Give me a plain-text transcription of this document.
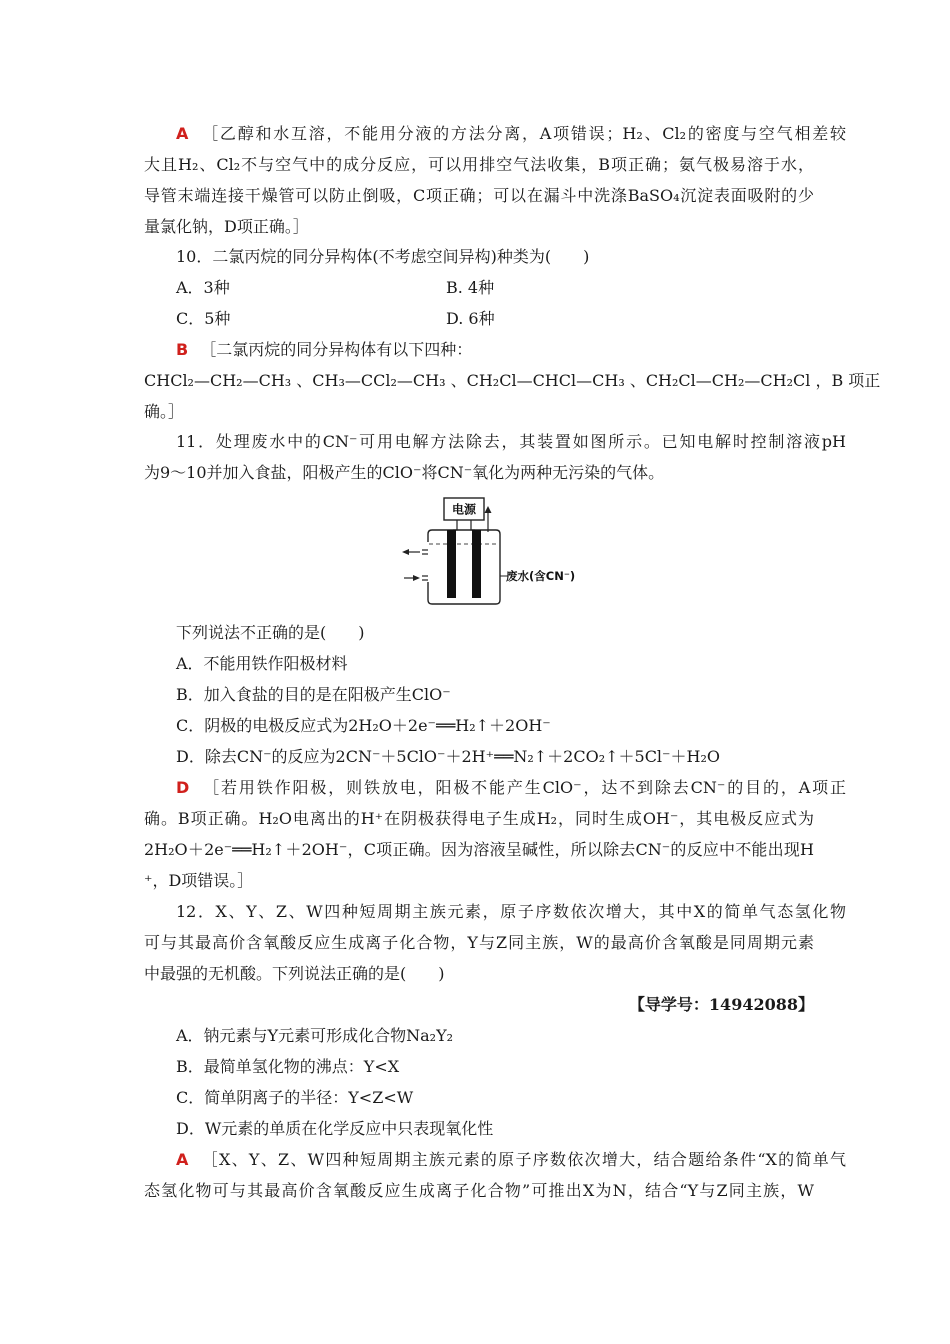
A ［乙醇和水互溶，不能用分液的方法分离，A项错误；H₂、Cl₂的密度与空气相差较
大且H₂、Cl₂不与空气中的成分反应，可以用排空气法收集，B项正确；氨气极易溶于水，
导管末端连接干燥管可以防止倒吸，C项正确；可以在漏斗中洗涤BaSO₄沉淀表面吸附的少
量氯化钠，D项正确。］
10．二氯丙烷的同分异构体(不考虑空间异构)种类为(　　)
A．3种	B. 4种
C．5种	D. 6种
B ［二氯丙烷的同分异构体有以下四种：
CHCl₂—CH₂—CH₃ 、CH₃—CCl₂—CH₃ 、CH₂Cl—CHCl—CH₃ 、CH₂Cl—CH₂—CH₂Cl ，B 项正
确。］
11．处理废水中的CN⁻可用电解方法除去，其装置如图所示。已知电解时控制溶液pH
为9～10并加入食盐，阳极产生的ClO⁻将CN⁻氧化为两种无污染的气体。
电源
废水(含CN⁻)
下列说法不正确的是(　　)
A．不能用铁作阳极材料
B．加入食盐的目的是在阳极产生ClO⁻
C．阴极的电极反应式为2H₂O＋2e⁻══H₂↑＋2OH⁻
D．除去CN⁻的反应为2CN⁻＋5ClO⁻＋2H⁺══N₂↑＋2CO₂↑＋5Cl⁻＋H₂O
D ［若用铁作阳极，则铁放电，阳极不能产生ClO⁻，达不到除去CN⁻的目的，A项正
确。B项正确。H₂O电离出的H⁺在阴极获得电子生成H₂，同时生成OH⁻，其电极反应式为
2H₂O＋2e⁻══H₂↑＋2OH⁻，C项正确。因为溶液呈碱性，所以除去CN⁻的反应中不能出现H
⁺，D项错误。］
12．X、Y、Z、W四种短周期主族元素，原子序数依次增大，其中X的简单气态氢化物
可与其最高价含氧酸反应生成离子化合物，Y与Z同主族，W的最高价含氧酸是同周期元素
中最强的无机酸。下列说法正确的是(　　)
【导学号：14942088】
A．钠元素与Y元素可形成化合物Na₂Y₂
B．最简单氢化物的沸点：Y<X
C．简单阴离子的半径：Y<Z<W
D．W元素的单质在化学反应中只表现氧化性
A ［X、Y、Z、W四种短周期主族元素的原子序数依次增大，结合题给条件“X的简单气
态氢化物可与其最高价含氧酸反应生成离子化合物”可推出X为N，结合“Y与Z同主族，W
